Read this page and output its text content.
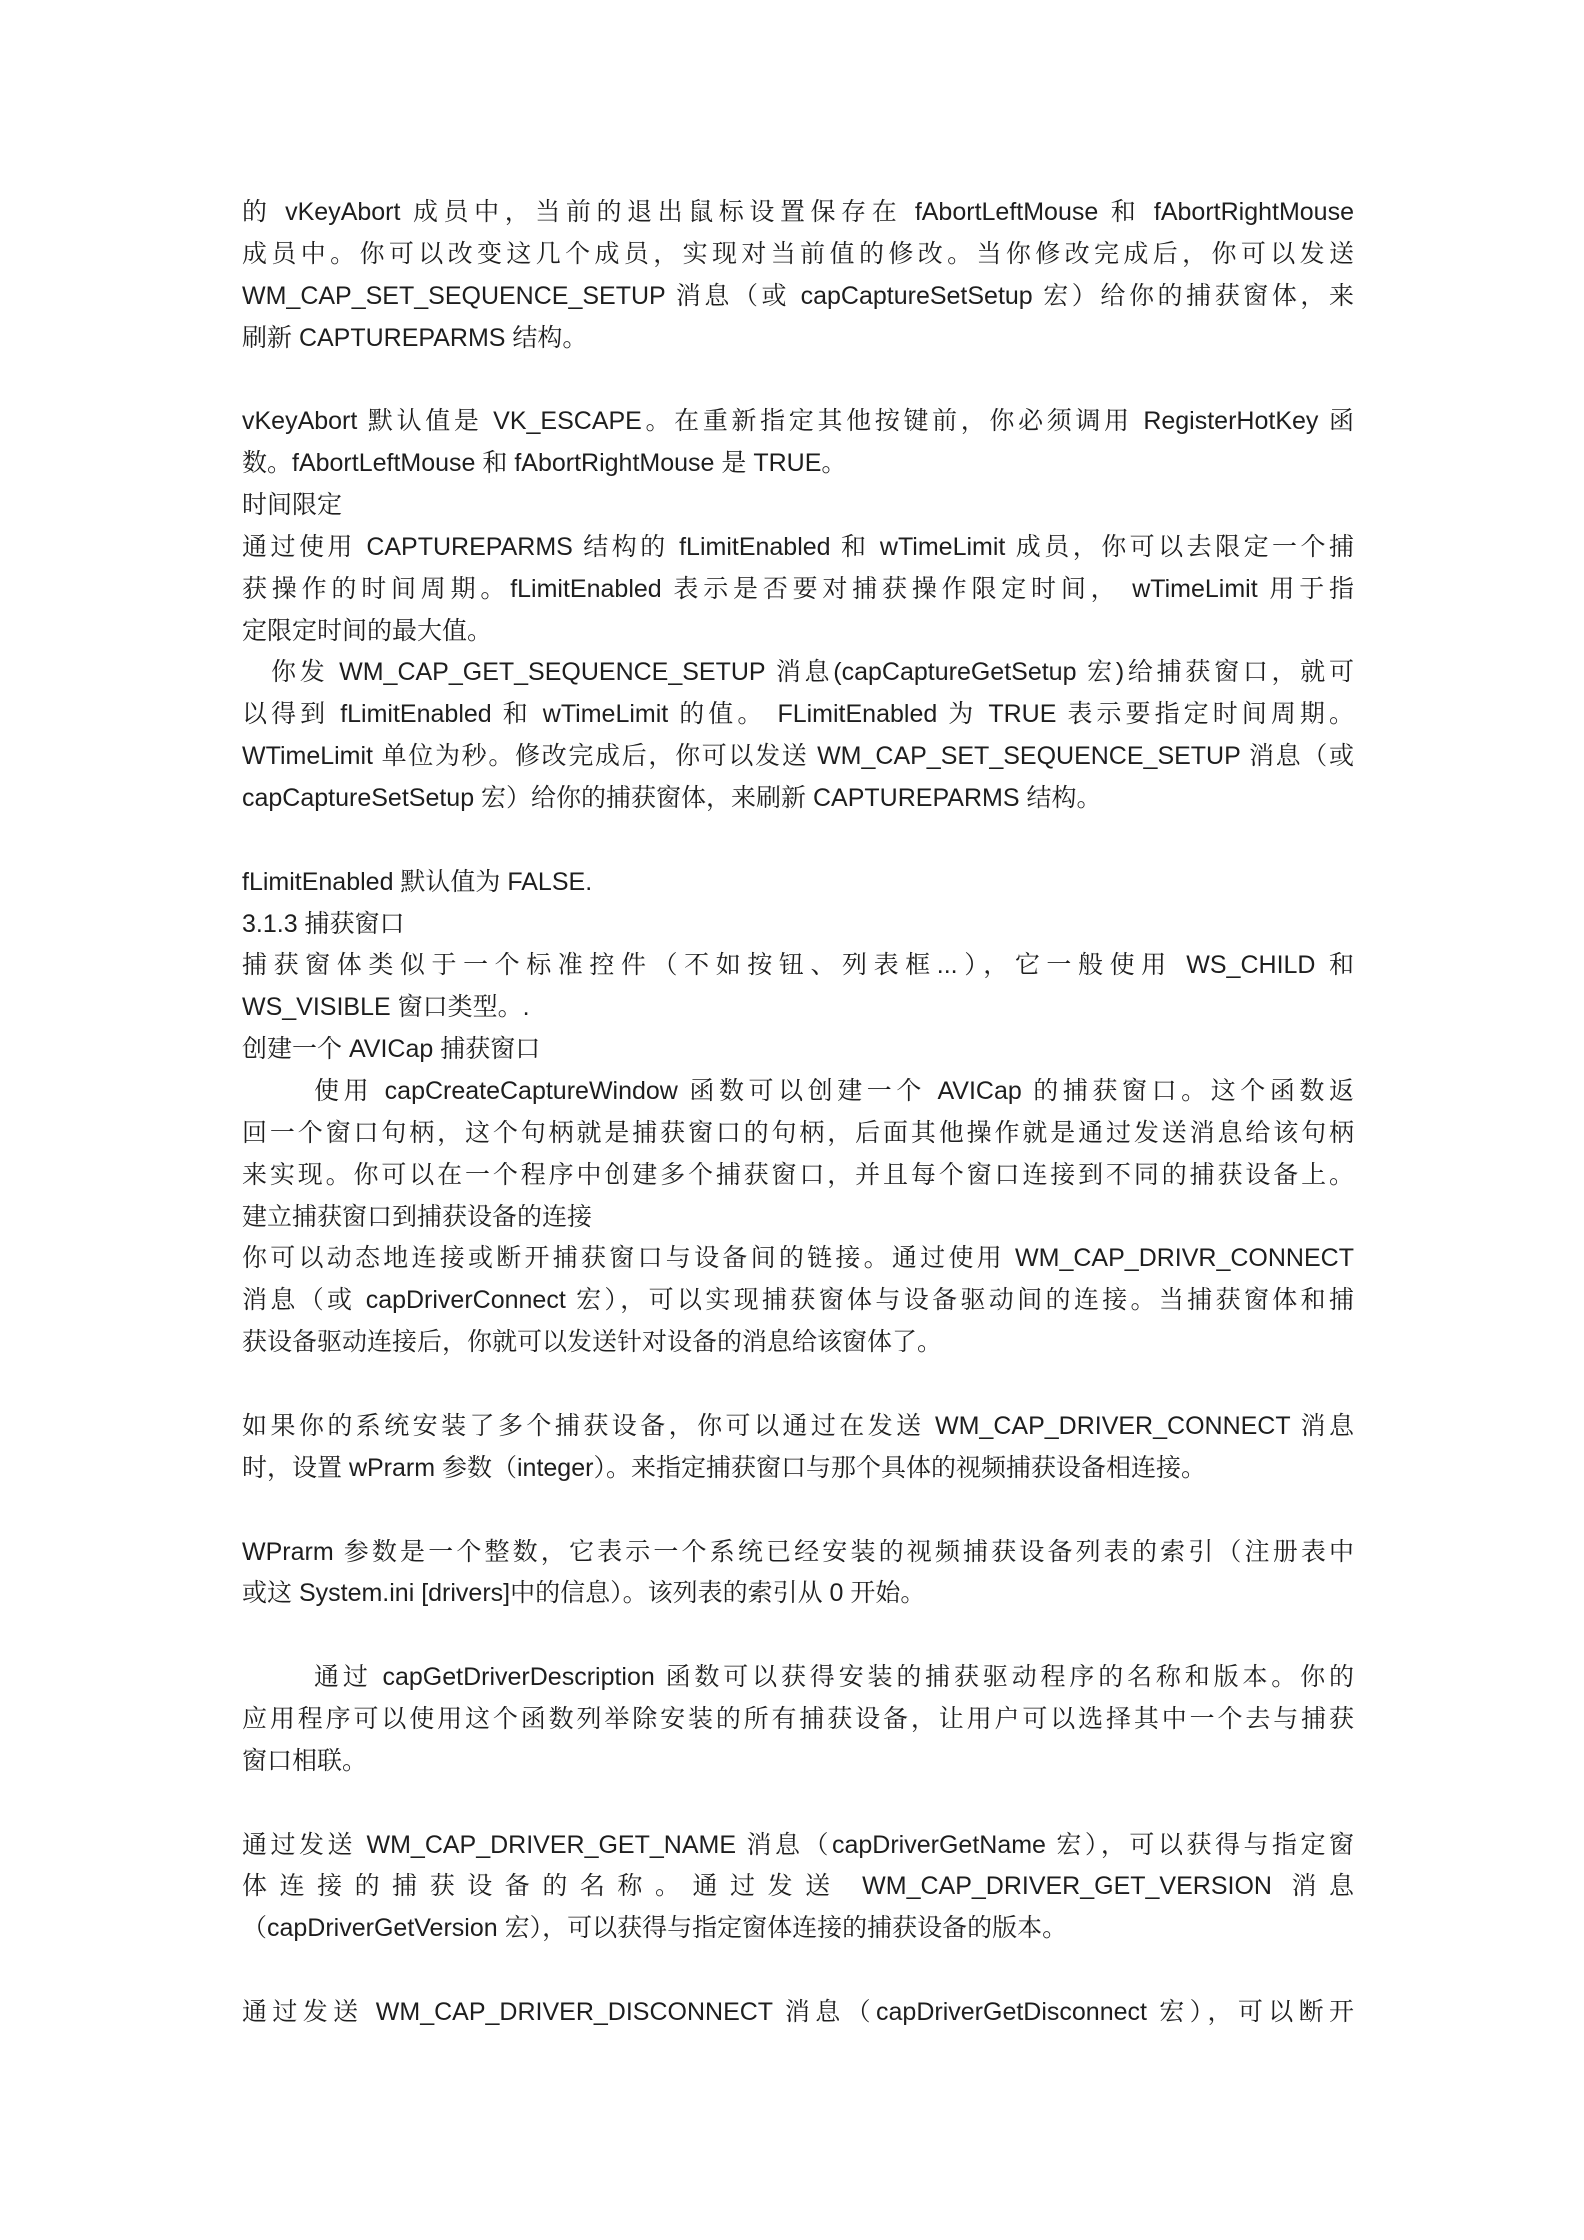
的 vKeyAbort 成员中，当前的退出鼠标设置保存在 fAbortLeftMouse 和 fAbortRightMouse
成员中。你可以改变这几个成员，实现对当前值的修改。当你修改完成后，你可以发送
WM_CAP_SET_SEQUENCE_SETUP 消息（或 capCaptureSetSetup 宏）给你的捕获窗体，来
刷新 CAPTUREPARMS 结构。
vKeyAbort 默认值是 VK_ESCAPE。在重新指定其他按键前，你必须调用 RegisterHotKey 函
数。fAbortLeftMouse 和 fAbortRightMouse 是 TRUE。
时间限定
通过使用 CAPTUREPARMS 结构的 fLimitEnabled 和 wTimeLimit 成员，你可以去限定一个捕
获操作的时间周期。fLimitEnabled 表示是否要对捕获操作限定时间， wTimeLimit 用于指
定限定时间的最大值。
你发 WM_CAP_GET_SEQUENCE_SETUP 消息(capCaptureGetSetup 宏)给捕获窗口，就可
以得到 fLimitEnabled 和 wTimeLimit 的值。 FLimitEnabled 为 TRUE 表示要指定时间周期。
WTimeLimit 单位为秒。修改完成后，你可以发送 WM_CAP_SET_SEQUENCE_SETUP 消息（或
capCaptureSetSetup 宏）给你的捕获窗体，来刷新 CAPTUREPARMS 结构。
fLimitEnabled 默认值为 FALSE.
3.1.3 捕获窗口
捕获窗体类似于一个标准控件（不如按钮、列表框...），它一般使用 WS_CHILD 和
WS_VISIBLE 窗口类型。.
创建一个 AVICap 捕获窗口
使用 capCreateCaptureWindow 函数可以创建一个 AVICap 的捕获窗口。这个函数返
回一个窗口句柄，这个句柄就是捕获窗口的句柄，后面其他操作就是通过发送消息给该句柄
来实现。你可以在一个程序中创建多个捕获窗口，并且每个窗口连接到不同的捕获设备上。
建立捕获窗口到捕获设备的连接
你可以动态地连接或断开捕获窗口与设备间的链接。通过使用 WM_CAP_DRIVR_CONNECT
消息（或 capDriverConnect 宏），可以实现捕获窗体与设备驱动间的连接。当捕获窗体和捕
获设备驱动连接后，你就可以发送针对设备的消息给该窗体了。
如果你的系统安装了多个捕获设备，你可以通过在发送 WM_CAP_DRIVER_CONNECT 消息
时，设置 wPrarm 参数（integer）。来指定捕获窗口与那个具体的视频捕获设备相连接。
WPrarm 参数是一个整数，它表示一个系统已经安装的视频捕获设备列表的索引（注册表中
或这 System.ini [drivers]中的信息）。该列表的索引从 0 开始。
通过 capGetDriverDescription 函数可以获得安装的捕获驱动程序的名称和版本。你的
应用程序可以使用这个函数列举除安装的所有捕获设备，让用户可以选择其中一个去与捕获
窗口相联。
通过发送 WM_CAP_DRIVER_GET_NAME 消息（capDriverGetName 宏），可以获得与指定窗
体连接的捕获设备的名称。通过发送 WM_CAP_DRIVER_GET_VERSION 消息
（capDriverGetVersion 宏），可以获得与指定窗体连接的捕获设备的版本。
通过发送 WM_CAP_DRIVER_DISCONNECT 消息（capDriverGetDisconnect 宏），可以断开
